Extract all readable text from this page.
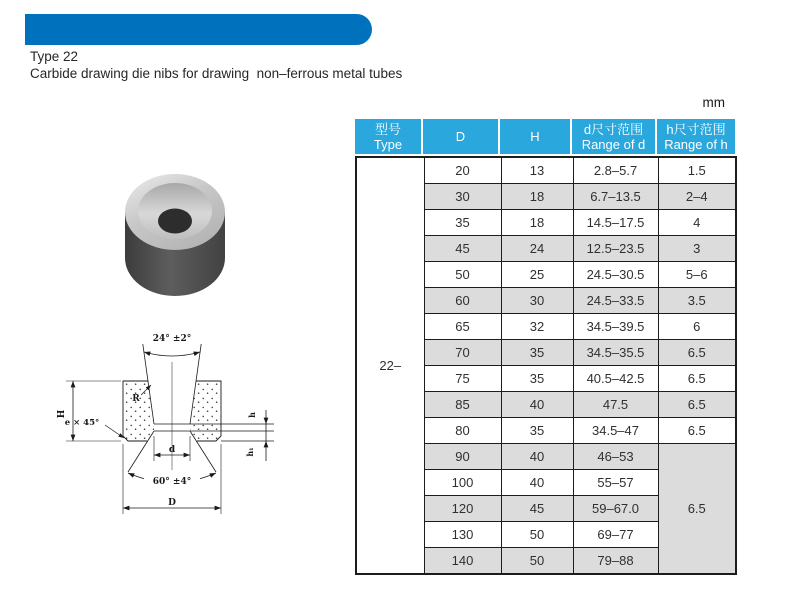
22型  拉制有色金属管材模坯

Type 22
Carbide drawing die nibs for drawing  non–ferrous metal tubes
mm
24° ±2°
R
H
e × 45°
d
60° ±4°
D
h
h₁
型号
Type	D	H	d尺寸范围
Range of d
h尺寸范围
Range of h
22–	20	13	2.8–5.7	1.5
	30	18	6.7–13.5	2–4
	35	18	14.5–17.5	4
	45	24	12.5–23.5	3
	50	25	24.5–30.5	5–6
	60	30	24.5–33.5	3.5
	65	32	34.5–39.5	6
	70	35	34.5–35.5	6.5
	75	35	40.5–42.5	6.5
	85	40	47.5	6.5
	80	35	34.5–47	6.5
	90	40	46–53	6.5
	100	40	55–57	
	120	45	59–67.0	
	130	50	69–77	
	140	50	79–88	
